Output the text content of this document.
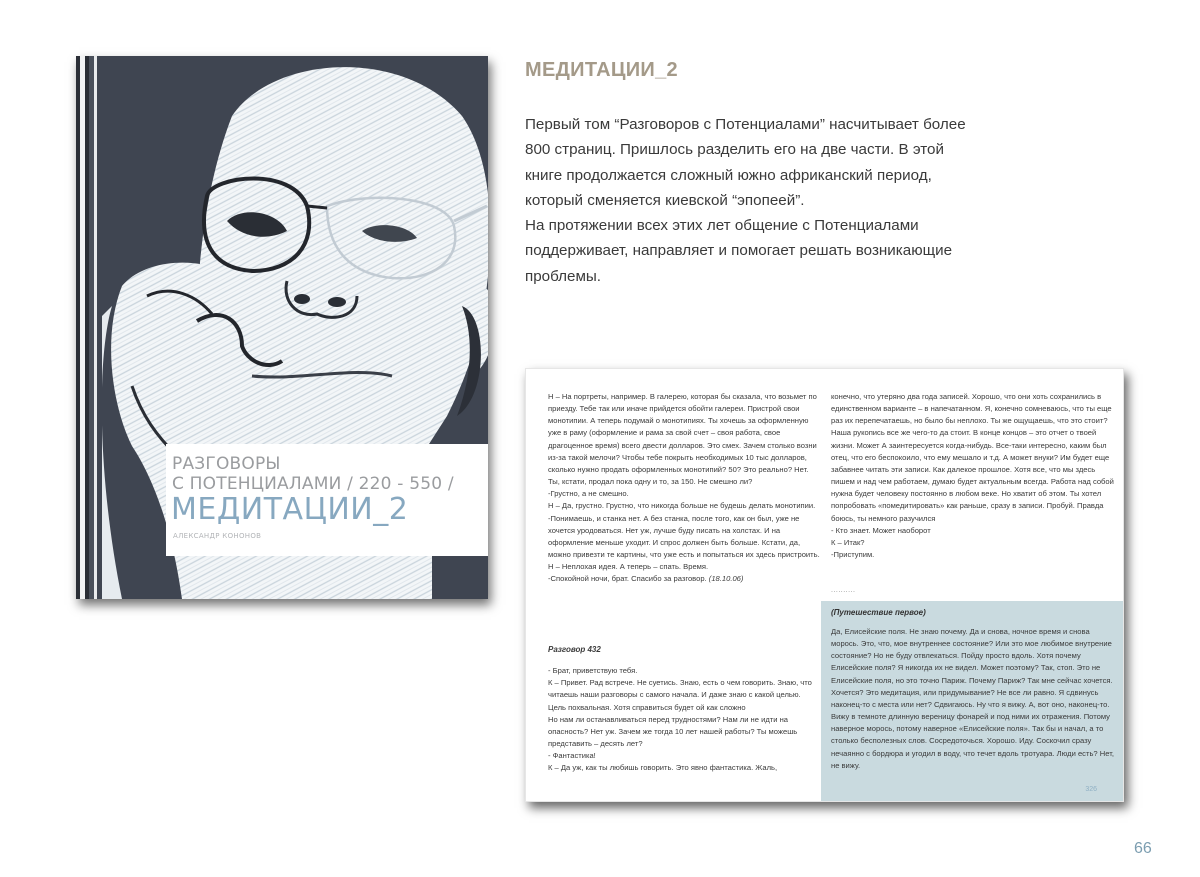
РАЗГОВОРЫ
С ПОТЕНЦИАЛАМИ / 220 - 550 /
МЕДИТАЦИИ_2
АЛЕКСАНДР КОНОНОВ
МЕДИТАЦИИ_2

Первый том “Разговоров с Потенциалами” насчитывает более 800 страниц. Пришлось разделить его на две части. В этой книге продолжается сложный южно африканский период, который сменяется киевской “эпопеей”.

На протяжении всех этих лет общение с Потенциалами поддерживает, направляет и помогает решать возникающие проблемы.

Н – На портреты, например. В галерею, которая бы сказала, что возьмет по приезду. Тебе так или иначе прийдется обойти галереи. Пристрой свои монотипии. А теперь подумай о монотипиях. Ты хочешь за оформленную уже в раму (оформление и рама за свой счет – своя работа, свое драгоценное время) всего двести долларов. Это смех. Зачем столько возни из-за такой мелочи? Чтобы тебе покрыть необходимых 10 тыс долларов, сколько нужно продать оформленных монотипий? 50? Это реально? Нет. Ты, кстати, продал пока одну и то, за 150. Не смешно ли?

-Грустно, а не смешно.

Н – Да, грустно. Грустно, что никогда больше не будешь делать монотипии.

-Понимаешь, и станка нет. А без станка, после того, как он был, уже не хочется уродоваться. Нет уж, лучше буду писать на холстах. И на оформление меньше уходит. И спрос должен быть больше. Кстати, да, можно привезти те картины, что уже есть и попытаться их здесь пристроить.

Н – Неплохая идея. А теперь – спать. Время.

-Спокойной ночи, брат. Спасибо за разговор. (18.10.06)

Разговор 432

- Брат, приветствую тебя.

К – Привет. Рад встрече. Не суетись. Знаю, есть о чем говорить. Знаю, что читаешь наши разговоры с самого начала. И даже знаю с какой целью. Цель похвальная. Хотя справиться будет ой как сложно

Но нам ли останавливаться перед трудностями? Нам ли не идти на опасность? Нет уж. Зачем же тогда 10 лет нашей работы? Ты можешь представить – десять лет?

- Фантастика!

К – Да уж, как ты любишь говорить. Это явно фантастика. Жаль,

конечно, что утеряно два года записей. Хорошо, что они хоть сохранились в единственном варианте – в напечатанном. Я, конечно сомневаюсь, что ты еще раз их перепечатаешь, но было бы неплохо. Ты же ощущаешь, что это стоит? Наша рукопись все же чего-то да стоит. В конце концов – это отчет о твоей жизни. Может А заинтересуется когда-нибудь. Все-таки интересно, каким был отец, что его беспокоило, что ему мешало и т.д. А может внуки? Им будет еще забавнее читать эти записи. Как далекое прошлое. Хотя все, что мы здесь пишем и над чем работаем, думаю будет актуальным всегда. Работа над собой нужна будет человеку постоянно в любом веке. Но хватит об этом. Ты хотел попробовать «помедитировать» как раньше, сразу в записи. Пробуй. Правда боюсь, ты немного разучился

- Кто знает. Может наоборот

К – Итак?

-Приступим.

..........
(Путешествие первое)
Да, Елисейские поля. Не знаю почему. Да и снова, ночное время и снова морось. Это, что, мое внутреннее состояние? Или это мое любимое внутрение состояние? Но не буду отвлекаться. Пойду просто вдоль. Хотя почему Елисейские поля? Я никогда их не видел. Может поэтому? Так, стоп. Это не Елисейские поля, но это точно Париж. Почему Париж? Так мне сейчас хочется. Хочется? Это медитация, или придумывание? Не все ли равно. Я сдвинусь наконец-то с места или нет? Сдвигаюсь. Ну что я вижу. А, вот оно, наконец-то. Вижу в темноте длинную вереницу фонарей и под ними их отражения. Потому наверное морось, потому наверное «Елисейские поля». Так бы и начал, а то столько бесполезных слов. Сосредоточься. Хорошо. Иду. Соскочил сразу нечаянно с бордюра и угодил в воду, что течет вдоль тротуара. Люди есть? Нет, не вижу.
326
66
